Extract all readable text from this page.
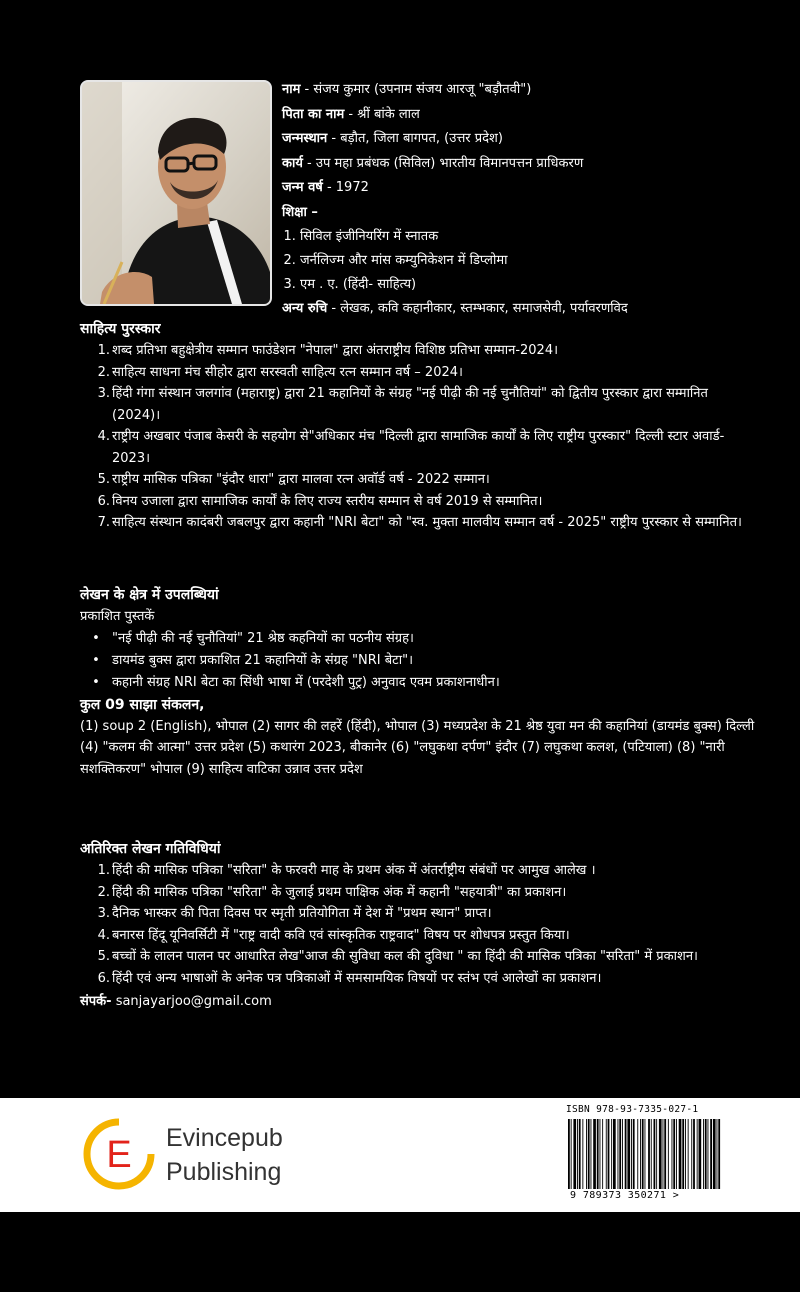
नाम - संजय कुमार (उपनाम संजय आरजू "बड़ौतवी")
पिता का नाम - श्रीं बांके लाल
जन्मस्थान - बड़ौत, जिला बागपत, (उत्तर प्रदेश)
कार्य - उप महा प्रबंधक (सिविल) भारतीय विमानपत्तन प्राधिकरण
जन्म वर्ष - 1972
शिक्षा –
1. सिविल इंजीनियरिंग में स्नातक
2. जर्नलिज्म और मांस कम्युनिकेशन में डिप्लोमा
3. एम . ए. (हिंदी- साहित्य)
अन्य रुचि - लेखक, कवि कहानीकार, स्तम्भकार, समाजसेवी, पर्यावरणविद
साहित्य पुरस्कार
1. शब्द प्रतिभा बहुक्षेत्रीय सम्मान फाउंडेशन "नेपाल" द्वारा अंतराष्ट्रीय विशिष्ठ प्रतिभा सम्मान-2024।
2. साहित्य साधना मंच सीहोर द्वारा सरस्वती साहित्य रत्न सम्मान वर्ष – 2024।
3. हिंदी गंगा संस्थान जलगांव (महाराष्ट्र) द्वारा 21 कहानियों के संग्रह "नई पीढ़ी की नई चुनौतियां" को द्वितीय पुरस्कार द्वारा सम्मानित (2024)।
4. राष्ट्रीय अखबार पंजाब केसरी के सहयोग से"अधिकार मंच "दिल्ली द्वारा सामाजिक कार्यों के लिए राष्ट्रीय पुरस्कार" दिल्ली स्टार अवार्ड- 2023।
5. राष्ट्रीय मासिक पत्रिका "इंदौर धारा" द्वारा मालवा रत्न अवॉर्ड वर्ष - 2022 सम्मान।
6. विनय उजाला द्वारा सामाजिक कार्यों के लिए राज्य स्तरीय सम्मान से वर्ष 2019 से सम्मानित।
7. साहित्य संस्थान कादंबरी जबलपुर द्वारा कहानी "NRI बेटा" को "स्व. मुक्ता मालवीय सम्मान वर्ष - 2025" राष्ट्रीय पुरस्कार से सम्मानित।
लेखन के क्षेत्र में उपलब्धियां
प्रकाशित पुस्तकें
• "नई पीढ़ी की नई चुनौतियां" 21 श्रेष्ठ कहनियों का पठनीय संग्रह।
• डायमंड बुक्स द्वारा प्रकाशित 21 कहानियों के संग्रह "NRI बेटा"।
• कहानी संग्रह NRI बेटा का सिंधी भाषा में (परदेशी पुट्र) अनुवाद एवम प्रकाशनाधीन।
कुल 09 साझा संकलन,
(1) soup 2 (English), भोपाल (2) सागर की लहरें (हिंदी), भोपाल (3) मध्यप्रदेश के 21 श्रेष्ठ युवा मन की कहानियां (डायमंड बुक्स) दिल्ली (4) "कलम की आत्मा" उत्तर प्रदेश (5) कथारंग 2023, बीकानेर (6) "लघुकथा दर्पण" इंदौर (7) लघुकथा कलश, (पटियाला) (8) "नारी सशक्तिकरण" भोपाल (9) साहित्य वाटिका उन्नाव उत्तर प्रदेश
अतिरिक्त लेखन गतिविधियां
1. हिंदी की मासिक पत्रिका "सरिता" के फरवरी माह के प्रथम अंक में अंतर्राष्ट्रीय संबंधों पर आमुख आलेख ।
2. हिंदी की मासिक पत्रिका "सरिता" के जुलाई प्रथम पाक्षिक अंक में कहानी "सहयात्री" का प्रकाशन।
3. दैनिक भास्कर की पिता दिवस पर स्मृती प्रतियोगिता में देश में "प्रथम स्थान" प्राप्त।
4. बनारस हिंदू यूनिवर्सिटी में "राष्ट्र वादी कवि एवं सांस्कृतिक राष्ट्रवाद" विषय पर शोधपत्र प्रस्तुत किया।
5. बच्चों के लालन पालन पर आधारित लेख"आज की सुविधा कल की दुविधा " का हिंदी की मासिक पत्रिका "सरिता" में प्रकाशन।
6. हिंदी एवं अन्य भाषाओं के अनेक पत्र पत्रिकाओं में समसामयिक विषयों पर स्तंभ एवं आलेखों का प्रकाशन।
संपर्क- sanjayarjoo@gmail.com
E Evincepub
Publishing
ISBN 978-93-7335-027-1
9 789373 350271 >
